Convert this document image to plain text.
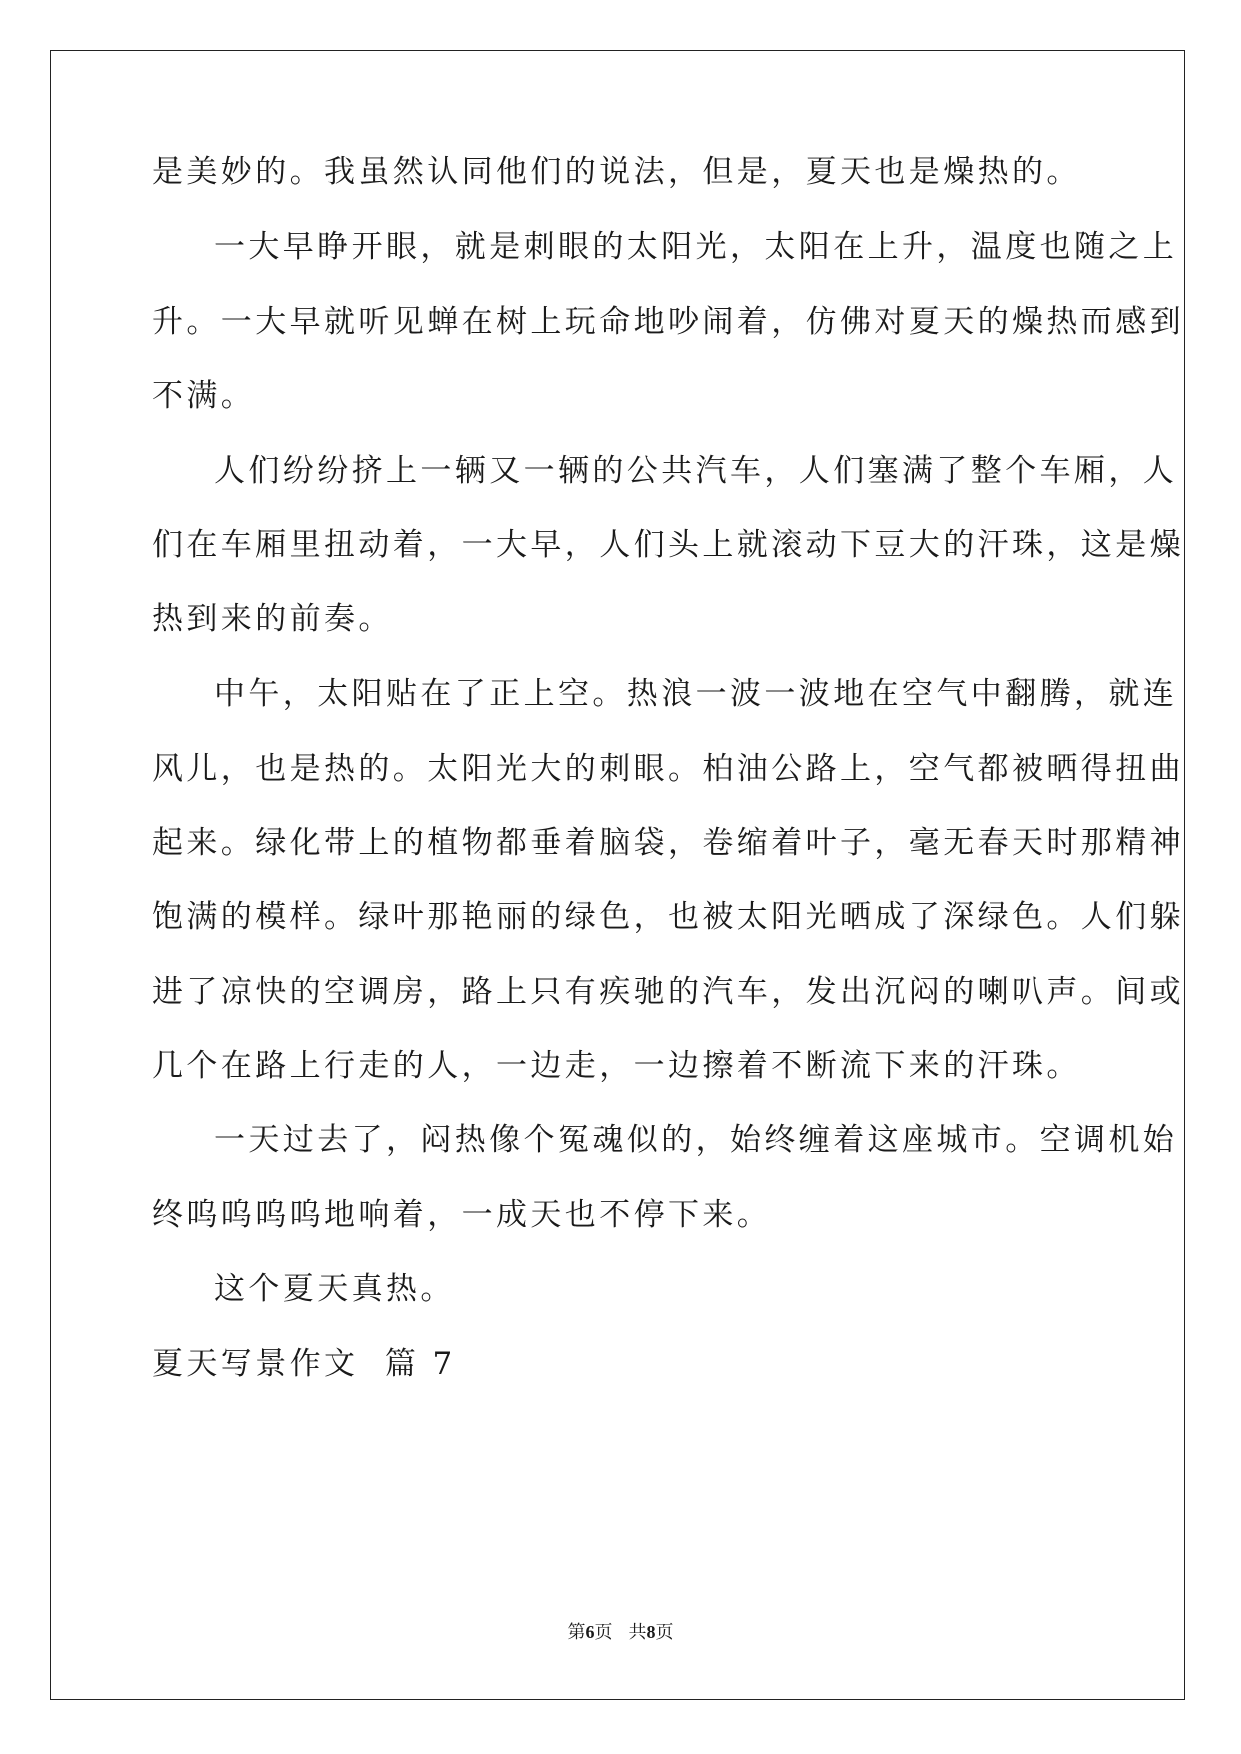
是美妙的。我虽然认同他们的说法，但是，夏天也是燥热的。

一大早睁开眼，就是刺眼的太阳光，太阳在上升，温度也随之上

升。一大早就听见蝉在树上玩命地吵闹着，仿佛对夏天的燥热而感到

不满。

人们纷纷挤上一辆又一辆的公共汽车，人们塞满了整个车厢，人

们在车厢里扭动着，一大早，人们头上就滚动下豆大的汗珠，这是燥

热到来的前奏。

中午，太阳贴在了正上空。热浪一波一波地在空气中翻腾，就连

风儿，也是热的。太阳光大的刺眼。柏油公路上，空气都被晒得扭曲

起来。绿化带上的植物都垂着脑袋，卷缩着叶子，毫无春天时那精神

饱满的模样。绿叶那艳丽的绿色，也被太阳光晒成了深绿色。人们躲

进了凉快的空调房，路上只有疾驰的汽车，发出沉闷的喇叭声。间或

几个在路上行走的人，一边走，一边擦着不断流下来的汗珠。

一天过去了，闷热像个冤魂似的，始终缠着这座城市。空调机始

终呜呜呜呜地响着，一成天也不停下来。

这个夏天真热。

夏天写景作文  篇 7

第6页 共8页
